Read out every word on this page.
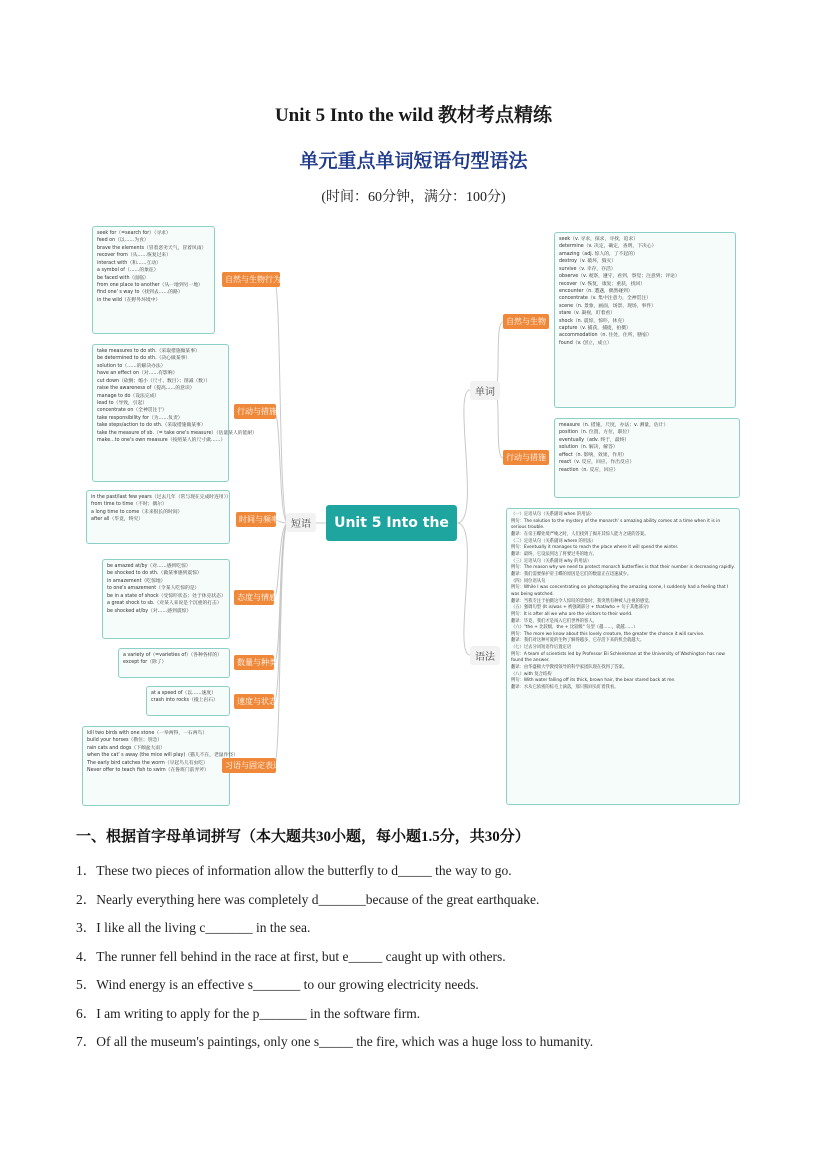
Unit 5 Into the wild 教材考点精练
单元重点单词短语句型语法
(时间：60分钟，满分：100分)
短语	Unit 5 Into the wild
单词
语法
（一）定语从句（关系副词 when 的用法）
例句：The solution to the mystery of the monarch' s amazing ability comes at a time when it is in serious trouble.
翻译：在帝王蝶处境严峻之时，人们找到了揭开其惊人能力之谜的答案。
（二）定语从句（关系副词 where 的用法）
例句：Eventually it manages to reach the place where it will spend the winter.
翻译：最终，它设法到达了将要过冬的地方。
（三）定语从句（关系副词 why 的用法）
例句：The reason why we need to protect monarch butterflies is that their number is decreasing rapidly.
翻译：我们需要保护帝王蝶的原因是它们的数量正在迅速减少。
（四）同位语从句
例句：While I was concentrating on photographing the amazing scene, I suddenly had a feeling that I was being watched.
翻译：当我专注于拍摄这令人惊叹的景象时，我突然有种被人注视的感觉。
（五）强调句型 (It is/was + 被强调部分 + that/who + 句子其他部分)
例句：It is after all we who are the visitors to their world.
翻译：毕竟，我们才是闯入它们世界的客人。
（六）"the + 比较级，the + 比较级" 句型（越……，就越……）
例句：The more we know about this lovely creature, the greater the chance it will survive.
翻译：我们对这种可爱的生物了解得越多，它存活下来的机会就越大。
（七）过去分词短语作后置定语
例句：A team of scientists led by Professor Eli Schlenkman at the University of Washington has now found the answer.
翻译：由华盛顿大学教授领导的科学家团队现在找到了答案。
（八）with 复合结构
例句：With water falling off its thick, brown hair, the bear stared back at me.
翻译：水从它浓密的棕毛上滴落，那只熊回头盯着我看。
seek for（=search for）（寻求）
feed on（以……为食）
brave the elements（冒着恶劣天气，冒着风雨）
recover from（从……恢复过来）
interact with（和……互动）
a symbol of（……的象征）
be faced with（面临）
from one place to another（从一地到另一地）
find one' s way to（找到去……的路）
in the wild（在野外环境中）
自然与生物行为
take measures to do sth.（采取措施做某事）
be determined to do sth.（决心做某事）
solution to（……的解决办法）
have an effect on（对……有影响）
cut down（砍倒；缩小（尺寸、数目）；削减（数））
raise the awareness of（提高……的意识）
manage to do（设法完成）
lead to（导致，引起）
concentrate on（全神贯注于）
take responsibility for（为……负责）
take steps/action to do sth.（采取措施做某事）
take the measure of sb.（= take one's measure）（估量某人的能耐）
make...to one's own measure（按照某人的尺寸做……）
行动与措施
in the past/last few years（过去几年（常与现在完成时连用））
from time to time（不时；偶尔）
a long time to come（未来很长的时间）
after all（毕竟，终究）	时间与频率
be amazed at/by（对……感到吃惊）
be shocked to do sth.（做某事感到震惊）
in amazement（吃惊地）
to one's amazement（令某人吃惊的是）
be in a state of shock（受惊吓状态；处于休克状态）
a great shock to sb.（对某人来说是个沉重的打击）
be shocked at/by（对……感到震惊）
态度与情感
a variety of（=varieties of）（各种各样的）
except for（除了）	数量与种类
at a speed of（以……速度）
crash into rocks（撞上岩石）	速度与状态
kill two birds with one stone（一举两得，一石两鸟）
build your horses（勒住；别急）
rain cats and dogs（下倾盆大雨）
when the cat' s away (the mice will play)（猫儿不在，老鼠作怪）
The early bird catches the worm（早起鸟儿有虫吃）
Never offer to teach fish to swim（在鲁班门前弄斧）
习语与固定表达
seek（v. 寻求，探求，寻找，追求）
determine（v. 决定，确定，查明，下决心）
amazing（adj. 惊人的，了不起的）
destroy（v. 破坏，毁灭）
survive（v. 幸存，存活）
observe（v. 观察，遵守，看到，察觉；注意到；评论）
recover（v. 恢复，康复；重获，找回）
encounter（n. 遭遇，偶然碰到）
concentrate（v. 集中注意力，全神贯注）
scene（n. 景象，画面，场景，现场，事件）
stare（v. 凝视，盯着看）
shock（n. 震惊，惊吓，休克）
capture（v. 捕获，捕捉，拍摄）
accommodation（n. 住处，住所，膳宿）
found（v. 创立，成立）
自然与生物
measure（n. 措施，尺度，办法；v. 测量，估计）
position（n. 位置，方位，职位）
eventually（adv. 终于，最终）
solution（n. 解决，解答）
effect（n. 影响，效果，作用）
react（v. 反应，回应，作出反应）
reaction（n. 反应，回应）
行动与措施
一、根据首字母单词拼写（本大题共30小题，每小题1.5分，共30分）
1．These two pieces of information allow the butterfly to d_____ the way to go.
2．Nearly everything here was completely d_______because of the great earthquake.
3．I like all the living c_______ in the sea.
4．The runner fell behind in the race at first, but e_____ caught up with others.
5．Wind energy is an effective s_______ to our growing electricity needs.
6．I am writing to apply for the p_______ in the software firm.
7．Of all the museum's paintings, only one s_____ the fire, which was a huge loss to humanity.
